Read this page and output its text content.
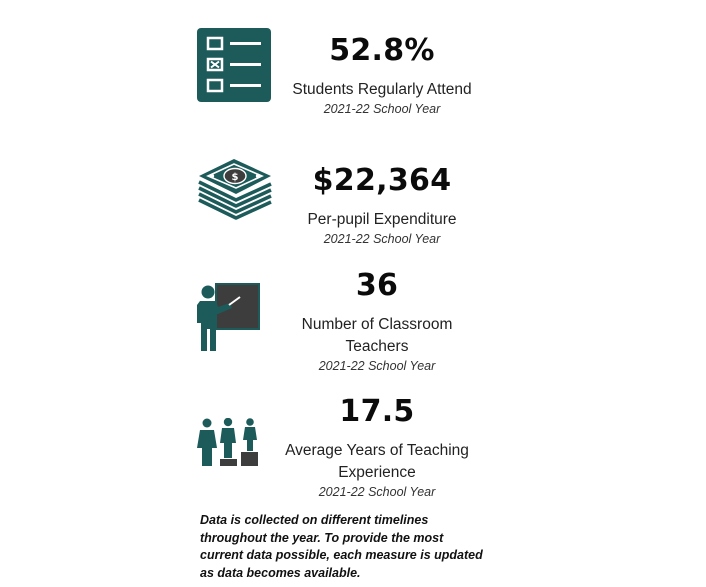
52.8%
Students Regularly Attend
2021-22 School Year
$	$22,364
Per-pupil Expenditure
2021-22 School Year
36
Number of Classroom
Teachers
2021-22 School Year
17.5
Average Years of Teaching
Experience
2021-22 School Year
Data is collected on different timelines
throughout the year. To provide the most
current data possible, each measure is updated
as data becomes available.
